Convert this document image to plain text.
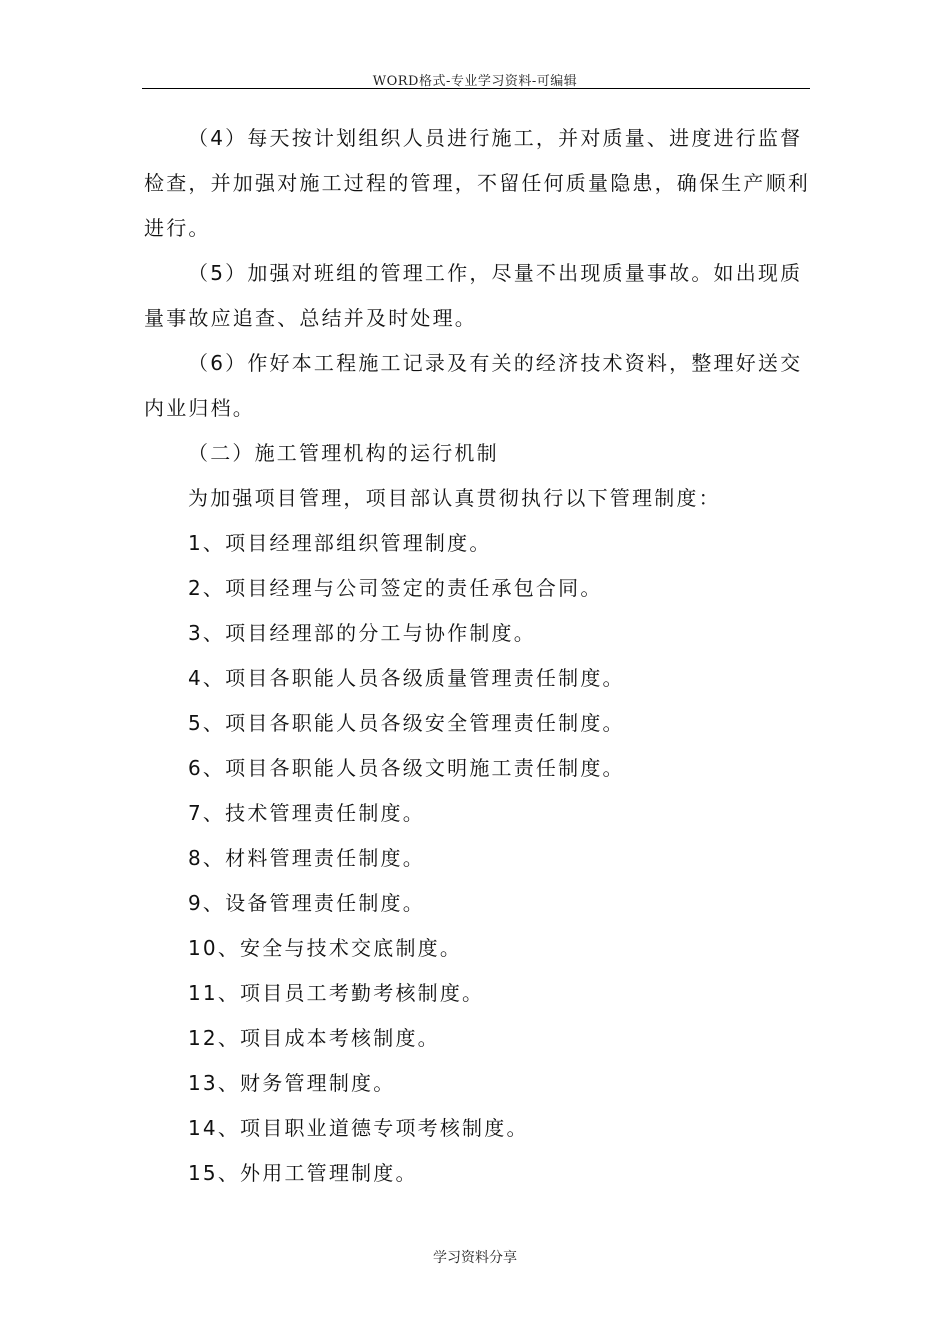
WORD格式-专业学习资料-可编辑

（4）每天按计划组织人员进行施工，并对质量、进度进行监督检查，并加强对施工过程的管理，不留任何质量隐患，确保生产顺利进行。

（5）加强对班组的管理工作，尽量不出现质量事故。如出现质量事故应追查、总结并及时处理。

（6）作好本工程施工记录及有关的经济技术资料，整理好送交内业归档。

（二）施工管理机构的运行机制

为加强项目管理，项目部认真贯彻执行以下管理制度：

1、项目经理部组织管理制度。

2、项目经理与公司签定的责任承包合同。

3、项目经理部的分工与协作制度。

4、项目各职能人员各级质量管理责任制度。

5、项目各职能人员各级安全管理责任制度。

6、项目各职能人员各级文明施工责任制度。

7、技术管理责任制度。

8、材料管理责任制度。

9、设备管理责任制度。

10、安全与技术交底制度。

11、项目员工考勤考核制度。

12、项目成本考核制度。

13、财务管理制度。

14、项目职业道德专项考核制度。

15、外用工管理制度。

学习资料分享
